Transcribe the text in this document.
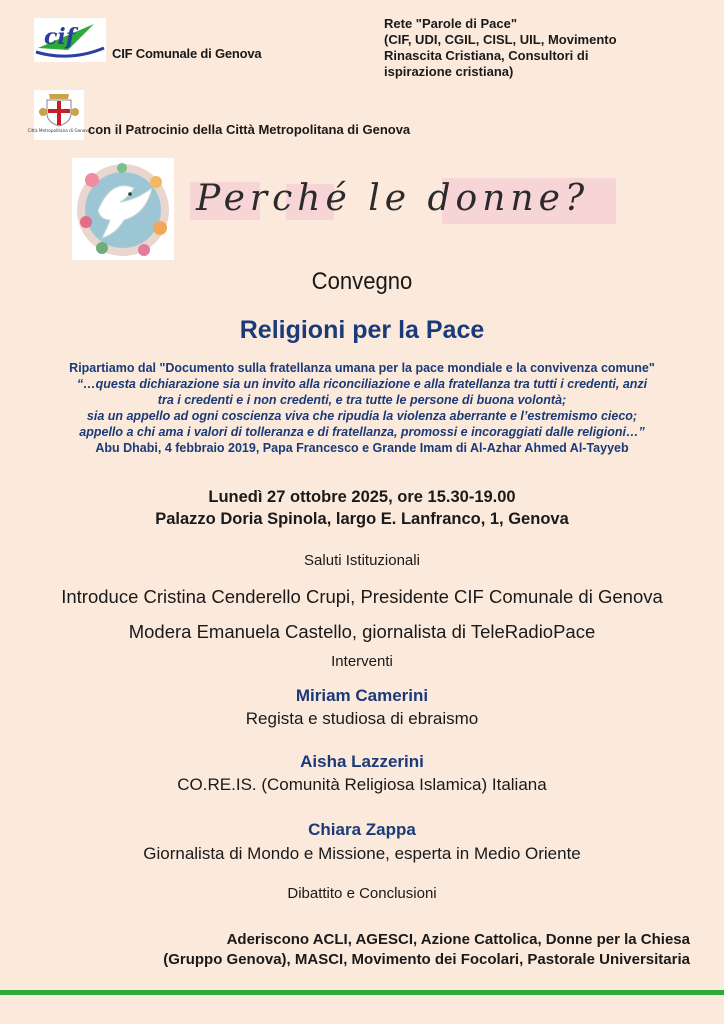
cif
CIF Comunale di Genova
Rete "Parole di Pace"
(CIF, UDI, CGIL, CISL, UIL, Movimento
Rinascita Cristiana, Consultori di
ispirazione cristiana)
Città Metropolitana di Genova
con il Patrocinio della Città Metropolitana di Genova
Perché le donne?
Convegno
Religioni per la Pace
Ripartiamo dal "Documento sulla fratellanza umana per la pace mondiale e la convivenza comune"
“…questa dichiarazione sia un invito alla riconciliazione e alla fratellanza tra tutti i credenti, anzi
tra i credenti e i non credenti, e tra tutte le persone di buona volontà;
sia un appello ad ogni coscienza viva che ripudia la violenza aberrante e l’estremismo cieco;
appello a chi ama i valori di tolleranza e di fratellanza, promossi e incoraggiati dalle religioni…”
Abu Dhabi, 4 febbraio 2019, Papa Francesco e Grande Imam di Al-Azhar Ahmed Al-Tayyeb
Lunedì 27 ottobre 2025, ore 15.30-19.00
Palazzo Doria Spinola, largo E. Lanfranco, 1, Genova
Saluti Istituzionali
Introduce Cristina Cenderello Crupi, Presidente CIF Comunale di Genova
Modera Emanuela Castello, giornalista di TeleRadioPace
Interventi
Miriam Camerini
Regista e studiosa di ebraismo
Aisha Lazzerini
CO.RE.IS. (Comunità Religiosa Islamica) Italiana
Chiara Zappa
Giornalista di Mondo e Missione, esperta in Medio Oriente
Dibattito e Conclusioni
Aderiscono ACLI, AGESCI, Azione Cattolica, Donne per la Chiesa
(Gruppo Genova), MASCI, Movimento dei Focolari, Pastorale Universitaria
